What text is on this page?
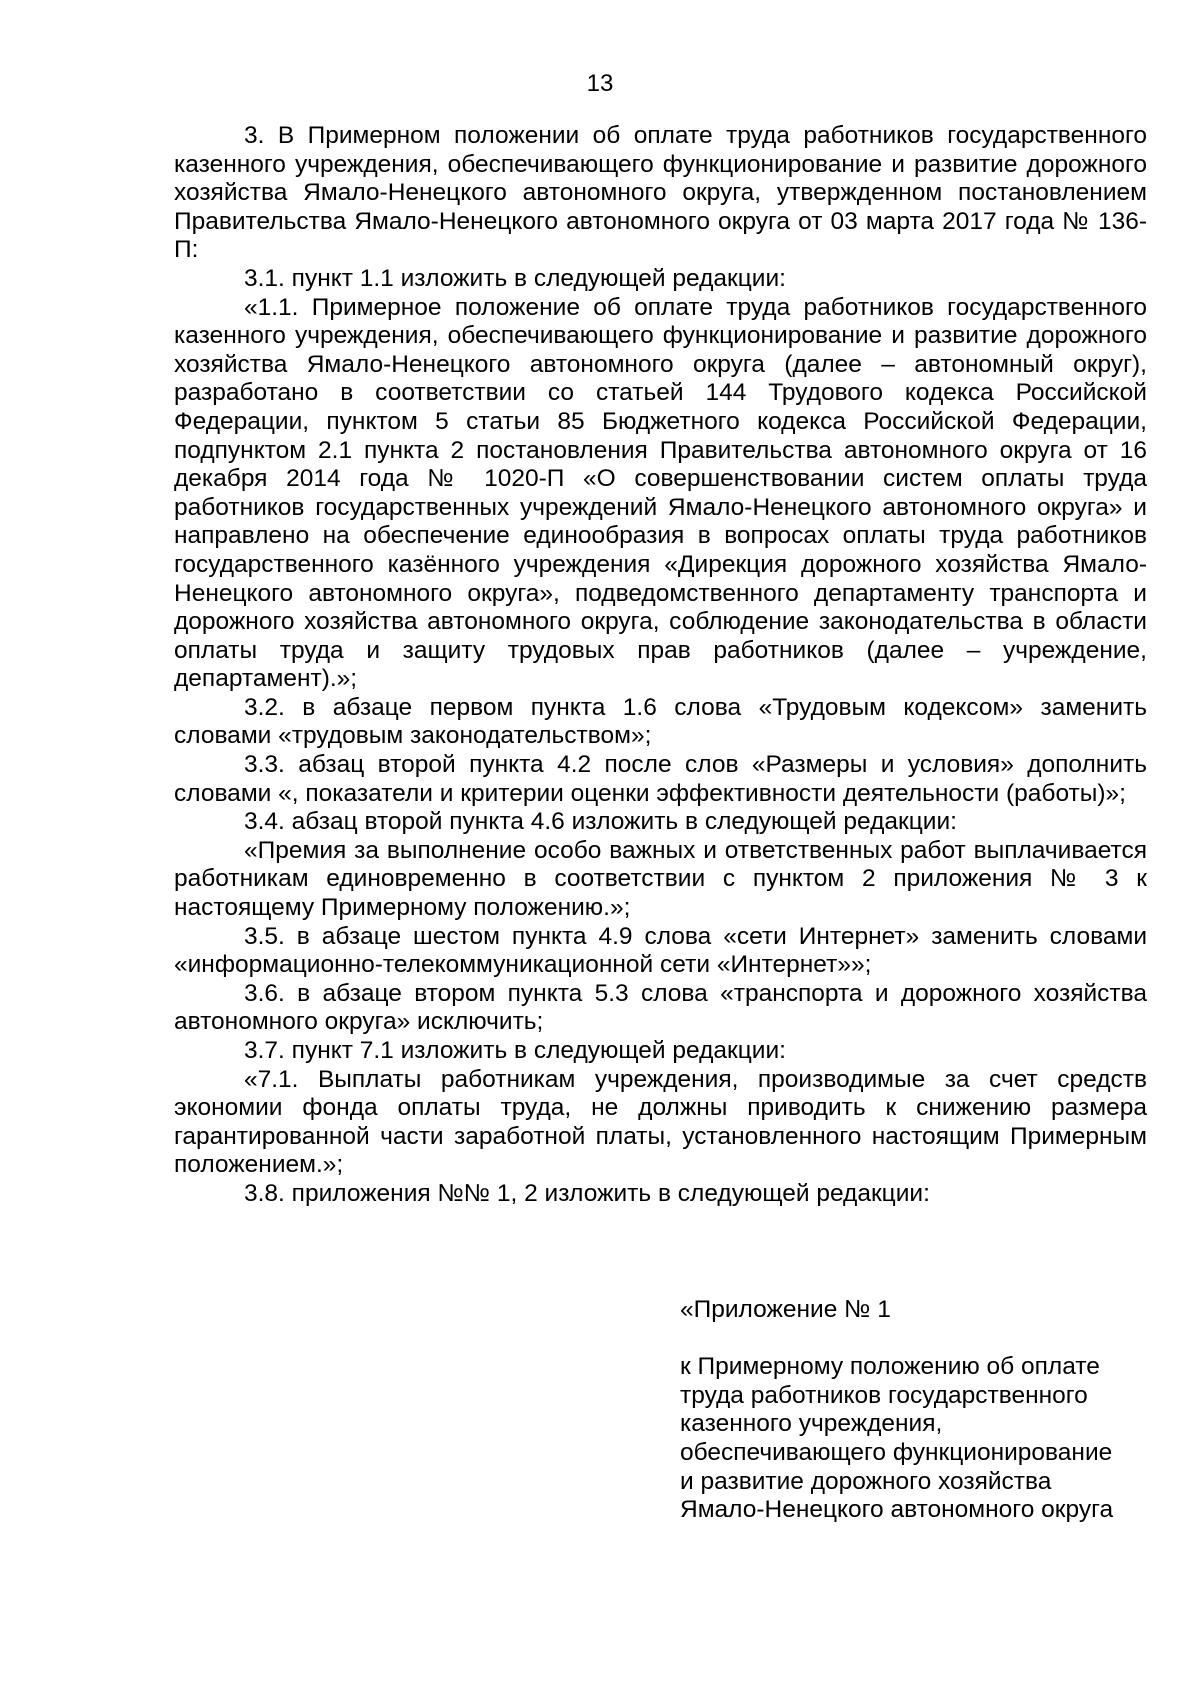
13

3. В Примерном положении об оплате труда работников государственного казенного учреждения, обеспечивающего функционирование и развитие дорожного хозяйства Ямало-Ненецкого автономного округа, утвержденном постановлением Правительства Ямало-Ненецкого автономного округа от 03 марта 2017 года № 136-П:

3.1. пункт 1.1 изложить в следующей редакции:

«1.1. Примерное положение об оплате труда работников государственного казенного учреждения, обеспечивающего функционирование и развитие дорожного хозяйства Ямало-Ненецкого автономного округа (далее – автономный округ), разработано в соответствии со статьей 144 Трудового кодекса Российской Федерации, пунктом 5 статьи 85 Бюджетного кодекса Российской Федерации, подпунктом 2.1 пункта 2 постановления Правительства автономного округа от 16 декабря 2014 года № 1020-П «О совершенствовании систем оплаты труда работников государственных учреждений Ямало-Ненецкого автономного округа» и направлено на обеспечение единообразия в вопросах оплаты труда работников государственного казённого учреждения «Дирекция дорожного хозяйства Ямало-Ненецкого автономного округа», подведомственного департаменту транспорта и дорожного хозяйства автономного округа, соблюдение законодательства в области оплаты труда и защиту трудовых прав работников (далее – учреждение, департамент).»;

3.2. в абзаце первом пункта 1.6 слова «Трудовым кодексом» заменить словами «трудовым законодательством»;

3.3. абзац второй пункта 4.2 после слов «Размеры и условия» дополнить словами «, показатели и критерии оценки эффективности деятельности (работы)»;

3.4. абзац второй пункта 4.6 изложить в следующей редакции:

«Премия за выполнение особо важных и ответственных работ выплачивается работникам единовременно в соответствии с пунктом 2 приложения № 3 к настоящему Примерному положению.»;

3.5. в абзаце шестом пункта 4.9 слова «сети Интернет» заменить словами «информационно-телекоммуникационной сети «Интернет»»;

3.6. в абзаце втором пункта 5.3 слова «транспорта и дорожного хозяйства автономного округа» исключить;

3.7. пункт 7.1 изложить в следующей редакции:

«7.1. Выплаты работникам учреждения, производимые за счет средств экономии фонда оплаты труда, не должны приводить к снижению размера гарантированной части заработной платы, установленного настоящим Примерным положением.»;

3.8. приложения №№ 1, 2 изложить в следующей редакции:

«Приложение № 1

к Примерному положению об оплате
труда работников государственного
казенного учреждения,
обеспечивающего функционирование
и развитие дорожного хозяйства
Ямало-Ненецкого автономного округа
